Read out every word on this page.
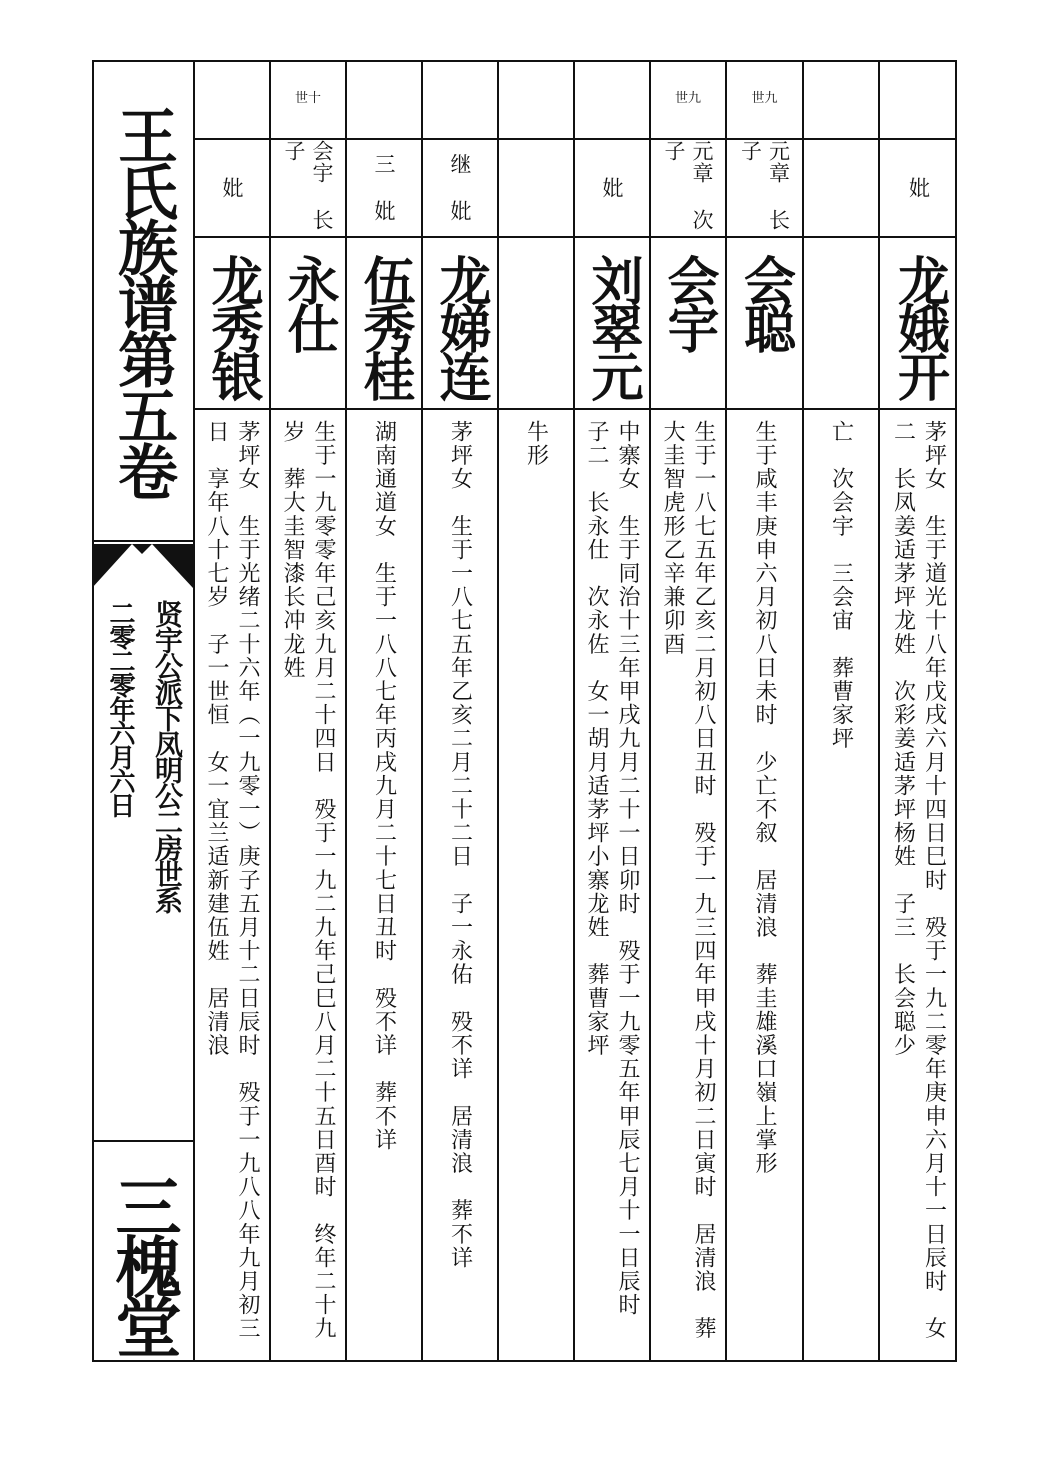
王氏族谱第五卷
贤宇公派下凤明公二房世系
二零二零年六月六日
三槐堂
妣
龙秀银
茅坪女　生于光绪二十六年（一九零一）庚子五月十二日辰时　殁于一九八八年九月初三日　享年八十七岁　子一世恒　女一宜兰适新建伍姓　居清浪
世十
会宇 长子
永仕
生于一九零零年己亥九月二十四日　殁于一九二九年己巳八月二十五日酉时　终年二十九岁　葬大圭智漆长冲龙姓
三 妣
伍秀桂
湖南通道女　生于一八八七年丙戌九月二十七日丑时　殁不详　葬不详
继 妣
龙娣连
茅坪女　生于一八七五年乙亥二月二十二日　子一永佑　殁不详　居清浪　葬不详 牛形
妣
刘翠元
中寨女　生于同治十三年甲戌九月二十一日卯时　殁于一九零五年甲辰七月十一日辰时　子二　长永仕　次永佐　女一胡月适茅坪小寨龙姓　葬曹家坪
世九
元章 次子
会宇
生于一八七五年乙亥二月初八日丑时　殁于一九三四年甲戌十月初二日寅时　居清浪　葬大圭智虎形乙辛兼卯酉
世九
元章 长子
会聪
生于咸丰庚申六月初八日未时　少亡不叙　居清浪　葬圭雄溪口嶺上掌形 亡　次会宇　三会宙　葬曹家坪
妣
龙娥开
茅坪女　生于道光十八年戊戌六月十四日巳时　殁于一九二零年庚申六月十一日辰时　女二　长凤姜适茅坪龙姓　次彩姜适茅坪杨姓　子三　长会聪少
